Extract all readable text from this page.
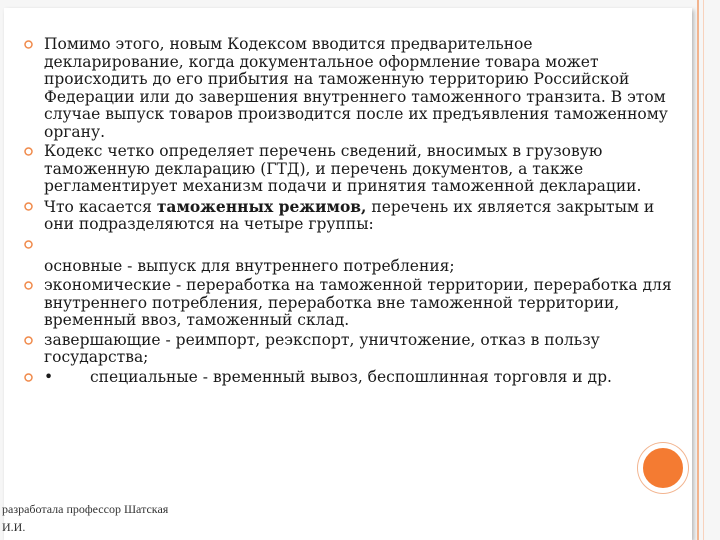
Помимо этого, новым Кодексом вводится предварительное декларирование, когда документальное оформление товара может происходить до его прибытия на таможенную территорию Российской Федерации или до завершения внутреннего таможенного транзита. В этом случае выпуск товаров производится после их предъявления таможенному органу.
Кодекс четко определяет перечень сведений, вносимых в грузовую таможенную декларацию (ГТД), и перечень документов, а также регламентирует механизм подачи и принятия таможенной декларации.
Что касается таможенных режимов, перечень их является закрытым и они подразделяются на четыре группы:
основные - выпуск для внутреннего потребления;
экономические - переработка на таможенной территории, переработка для внутреннего потребления, переработка вне таможенной территории, временный ввоз, таможенный склад.
завершающие - реимпорт, реэкспорт, уничтожение, отказ в пользу государства;
• специальные - временный вывоз, беспошлинная торговля и др.
разработала профессор Шатская
И.И.
